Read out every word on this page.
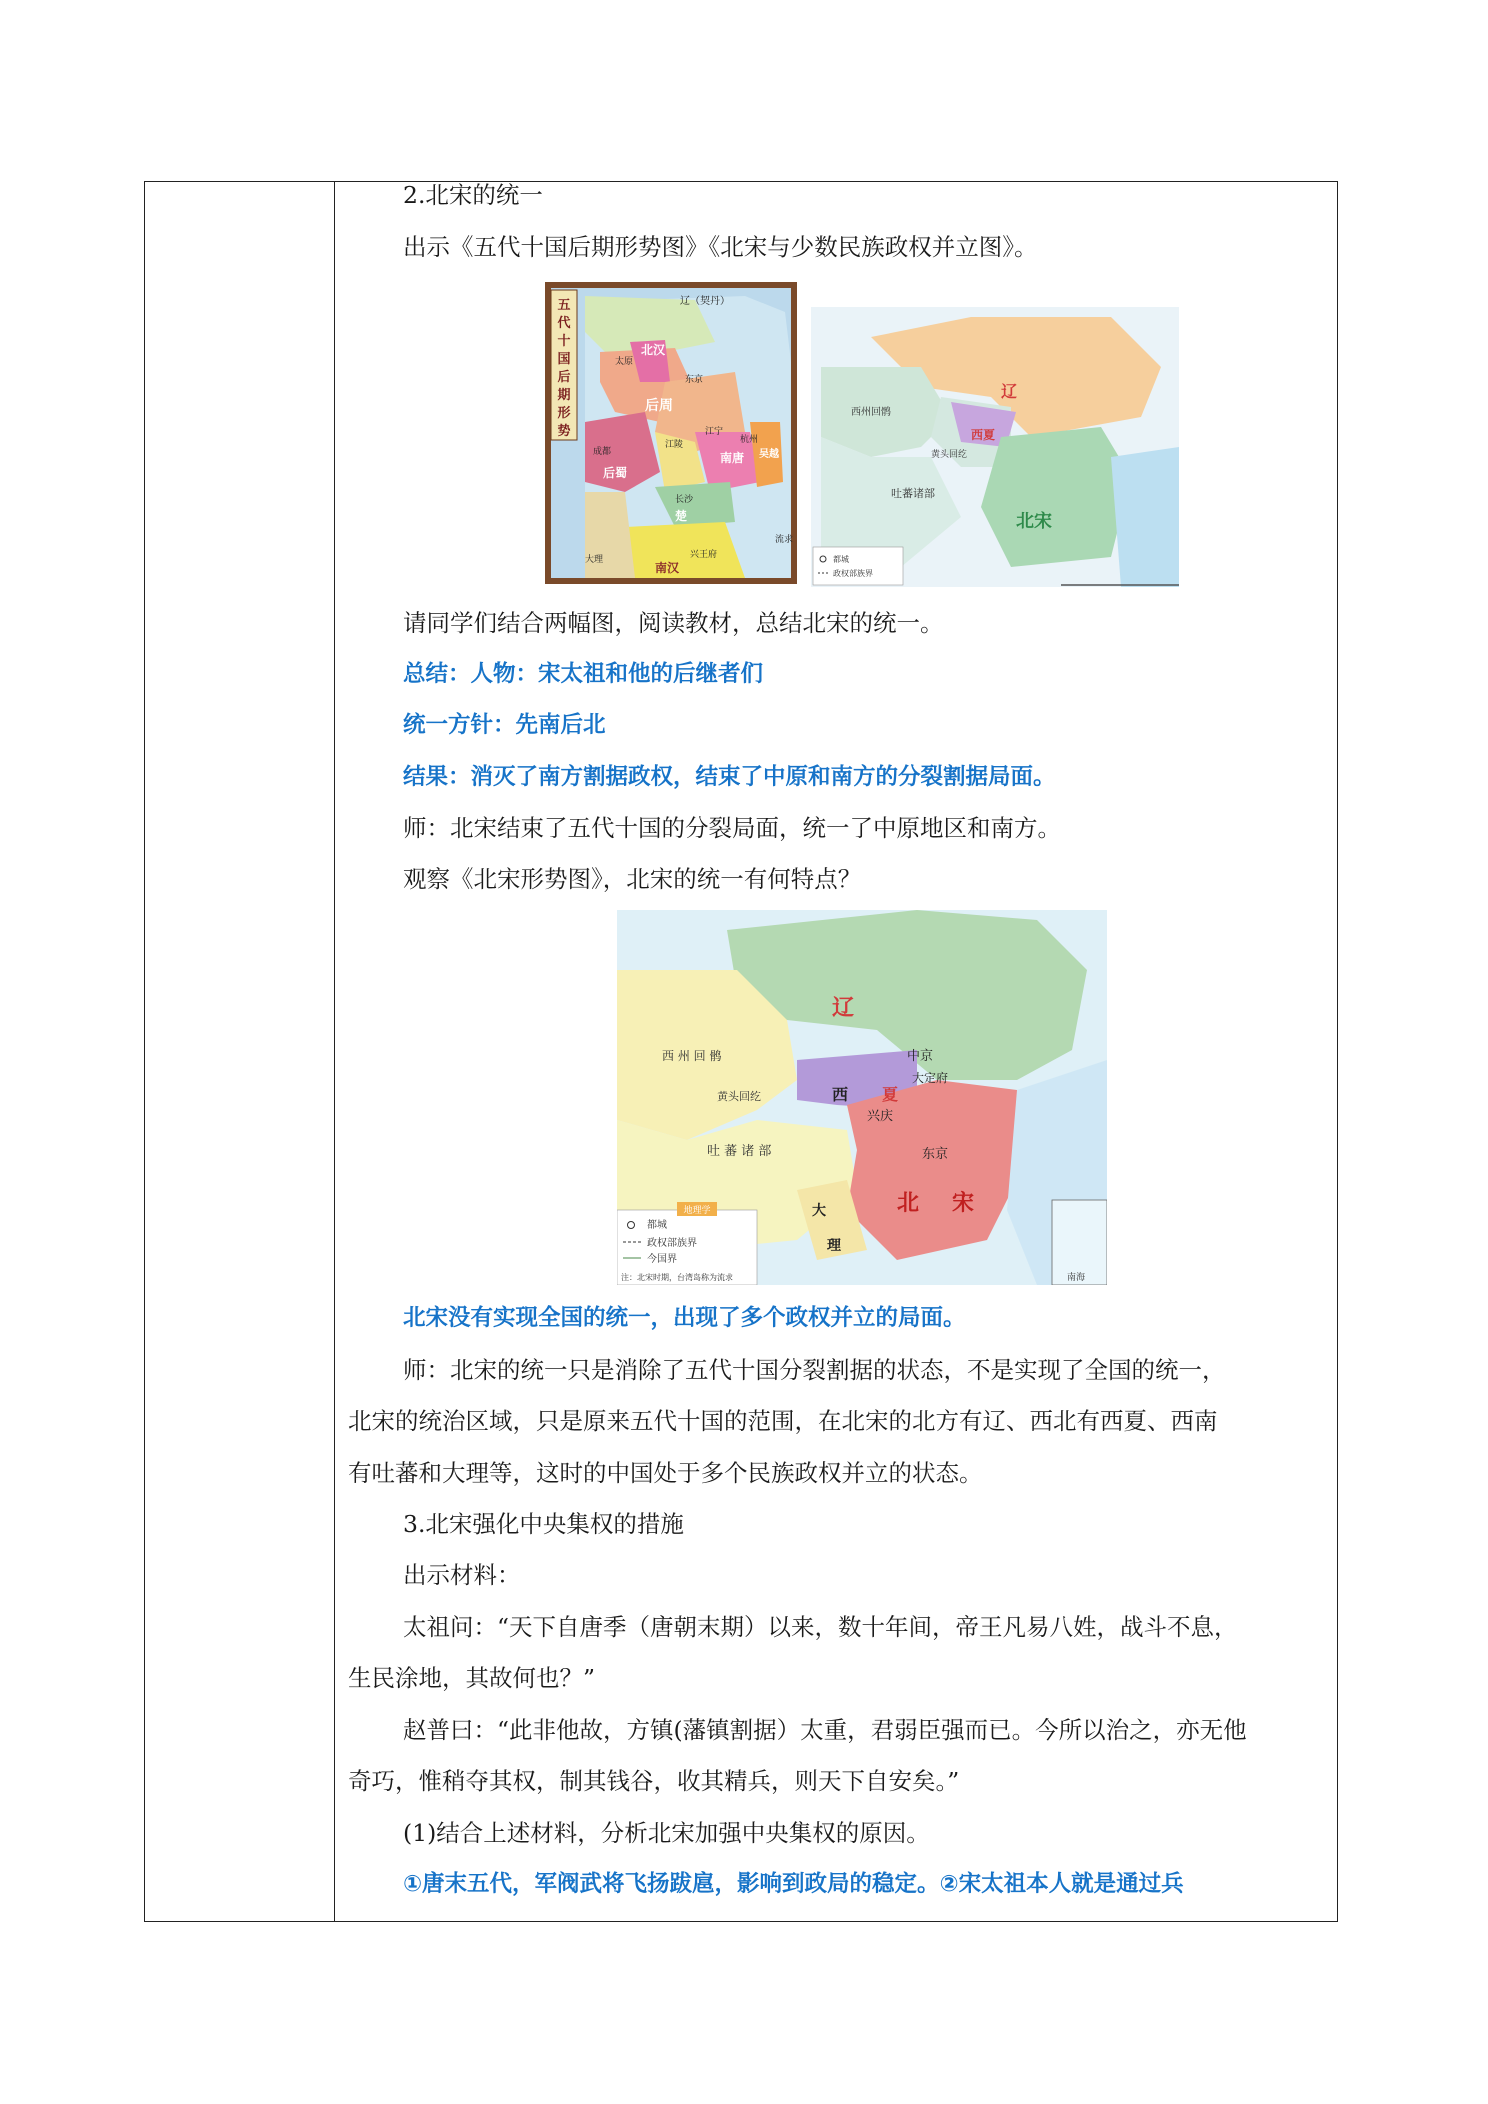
2.北宋的统一
出示《五代十国后期形势图》《北宋与少数民族政权并立图》。
五
代
十
国
后
期
形
势
辽（契丹）
北汉
太原
后周
东京
江宁
杭州
成都
后蜀
南唐 吴越
江陵
长沙
楚
兴王府
南汉
大理
流求
辽
西夏
北宋
西州回鹘
黄头回纥
吐蕃诸部
都城
政权部族界
请同学们结合两幅图，阅读教材，总结北宋的统一。
总结：人物：宋太祖和他的后继者们
统一方针：先南后北
结果：消灭了南方割据政权，结束了中原和南方的分裂割据局面。
师：北宋结束了五代十国的分裂局面，统一了中原地区和南方。
观察《北宋形势图》，北宋的统一有何特点？
西 夏
辽
中京
大定府
兴庆
西 州 回 鹘
黄头回纥
吐 蕃 诸 部	东京
北 宋
大
理
地理学
都城
政权部族界
今国界
注：北宋时期，台湾岛称为流求	南海
北宋没有实现全国的统一，出现了多个政权并立的局面。
师：北宋的统一只是消除了五代十国分裂割据的状态，不是实现了全国的统一，
北宋的统治区域，只是原来五代十国的范围，在北宋的北方有辽、西北有西夏、西南
有吐蕃和大理等，这时的中国处于多个民族政权并立的状态。
3.北宋强化中央集权的措施
出示材料：
太祖问：“天下自唐季（唐朝末期）以来，数十年间，帝王凡易八姓，战斗不息，
生民涂地，其故何也？”
赵普曰：“此非他故，方镇(藩镇割据）太重，君弱臣强而已。今所以治之，亦无他
奇巧，惟稍夺其权，制其钱谷，收其精兵，则天下自安矣。”
(1)结合上述材料，分析北宋加强中央集权的原因。
①唐末五代，军阀武将飞扬跋扈，影响到政局的稳定。②宋太祖本人就是通过兵
